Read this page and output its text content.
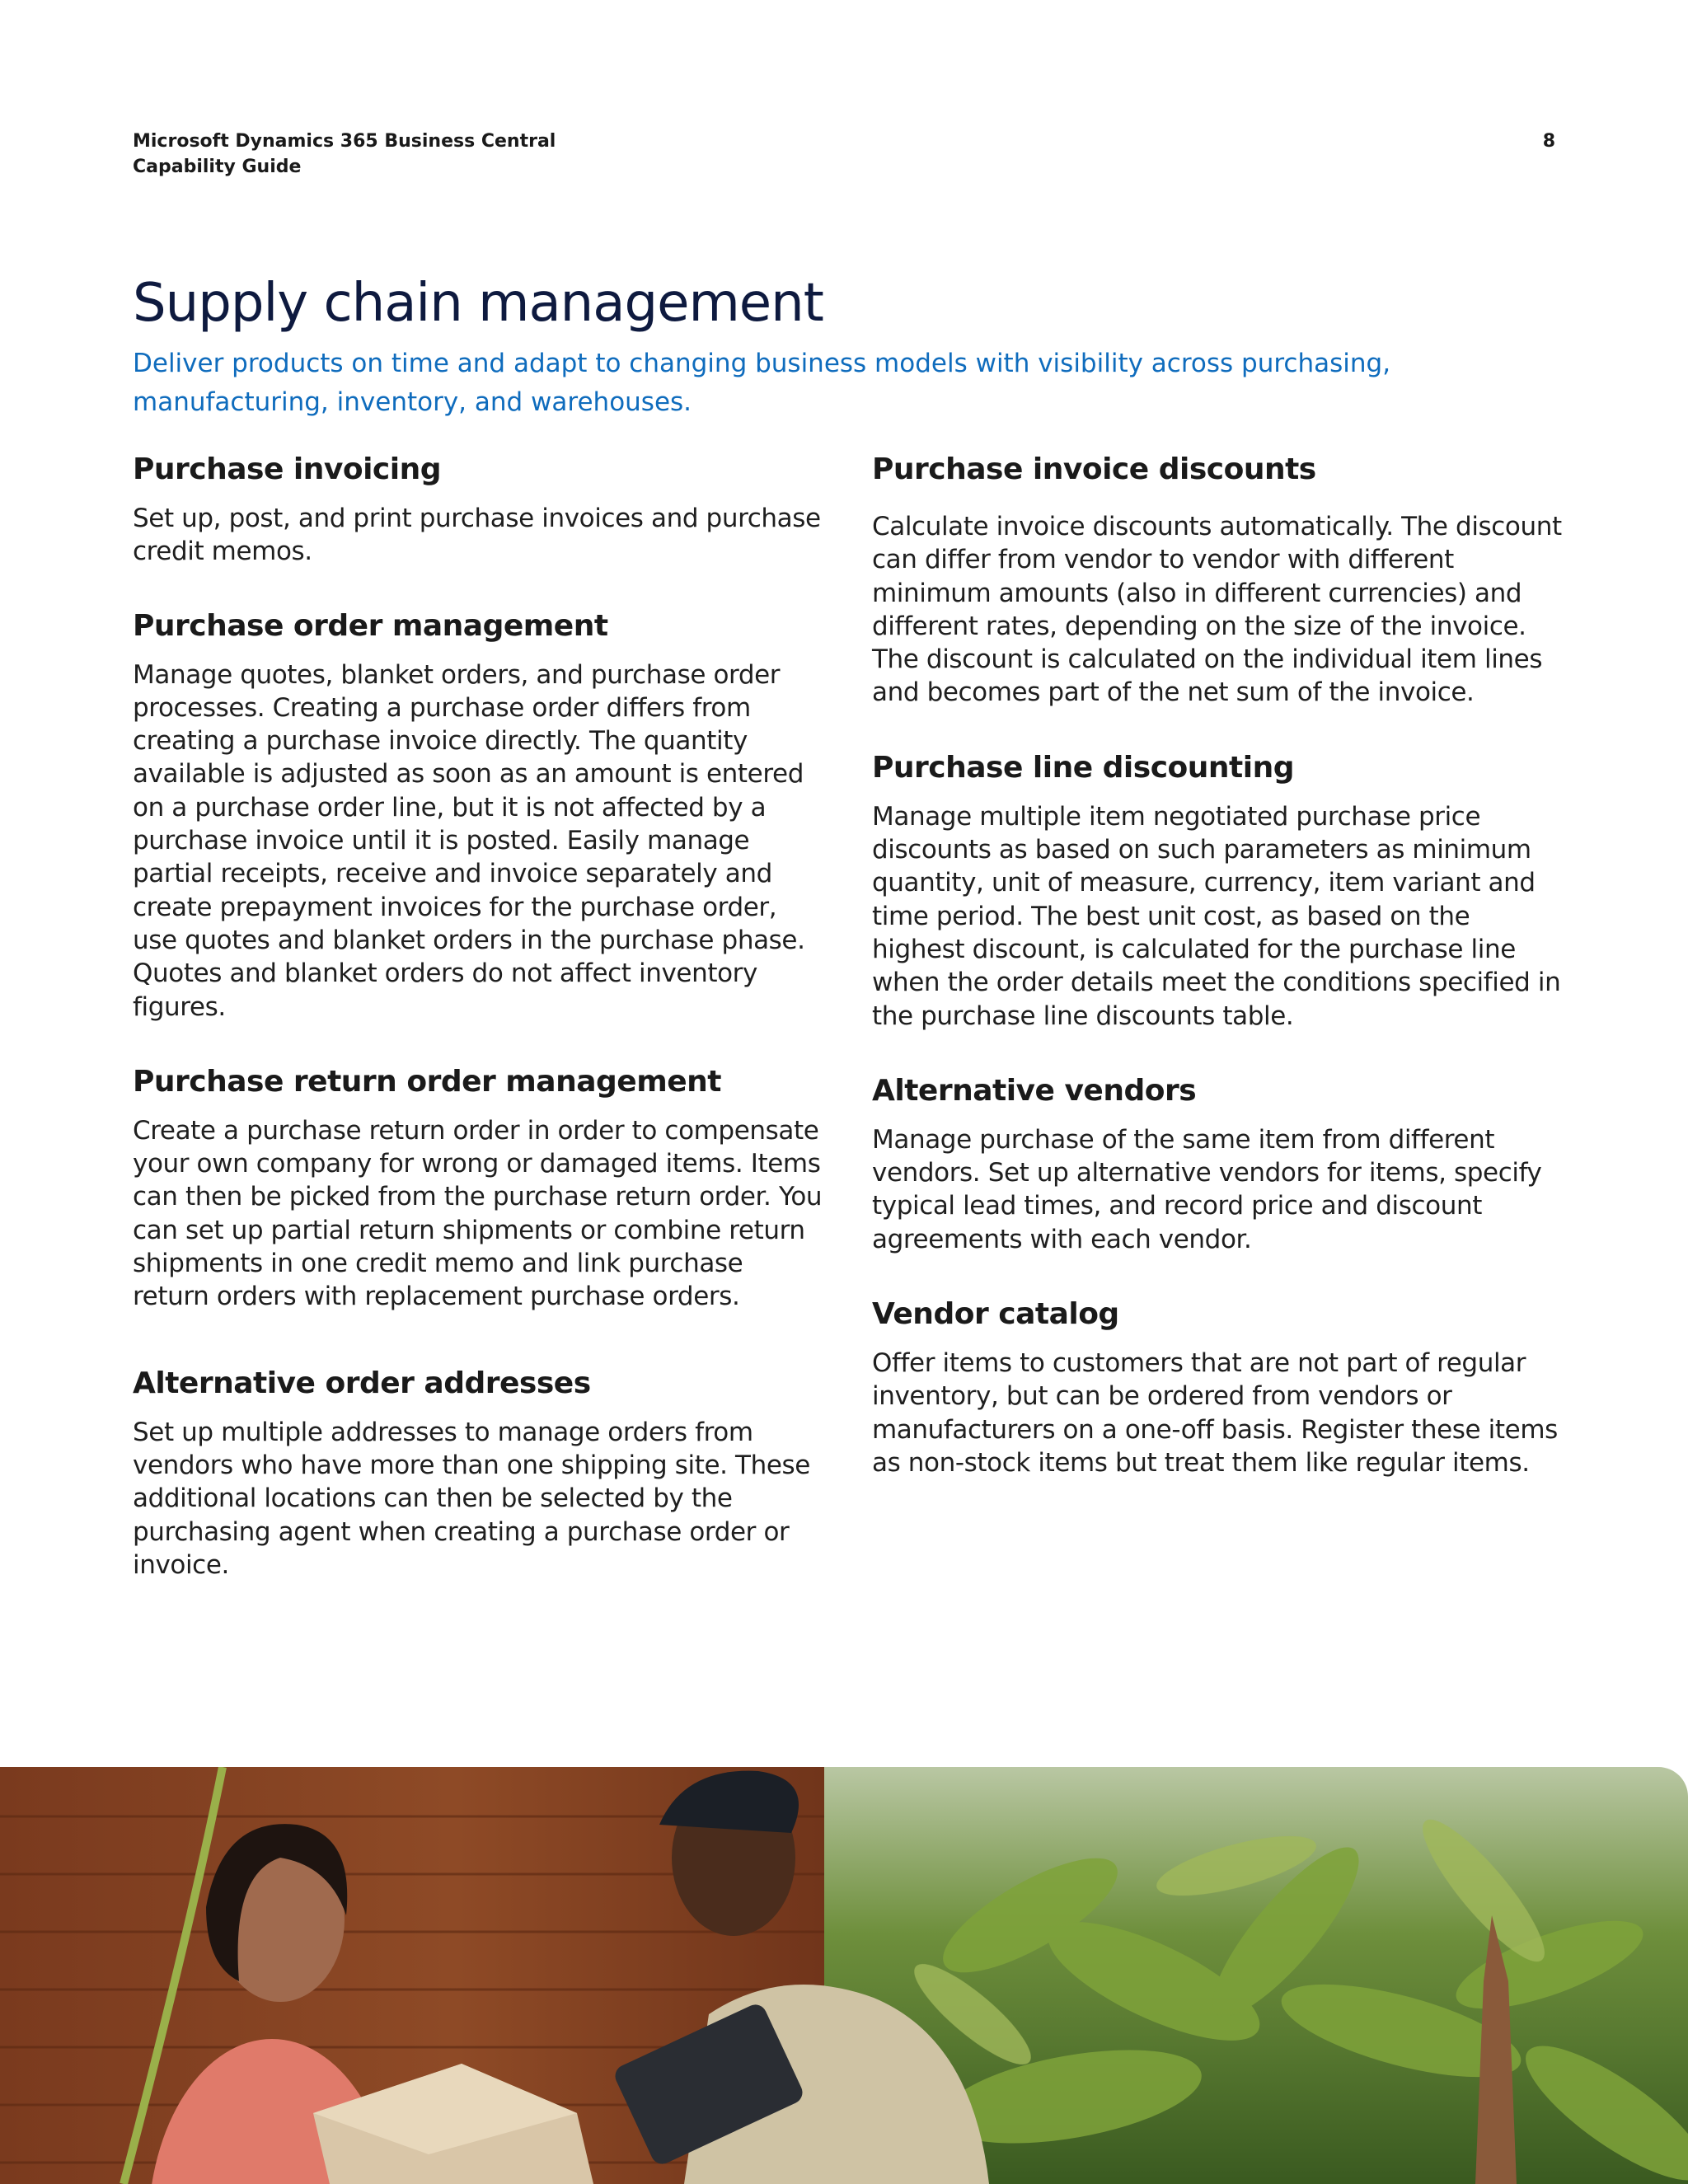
Microsoft Dynamics 365 Business Central
Capability Guide
8
Supply chain management

Deliver products on time and adapt to changing business models with visibility across purchasing, manufacturing, inventory, and warehouses.

Purchase invoicing

Set up, post, and print purchase invoices and purchase credit memos.

Purchase order management

Manage quotes, blanket orders, and purchase order processes. Creating a purchase order differs from creating a purchase invoice directly. The quantity available is adjusted as soon as an amount is entered on a purchase order line, but it is not affected by a purchase invoice until it is posted. Easily manage partial receipts, receive and invoice separately and create prepayment invoices for the purchase order, use quotes and blanket orders in the purchase phase. Quotes and blanket orders do not affect inventory figures.

Purchase return order management

Create a purchase return order in order to compensate your own company for wrong or damaged items. Items can then be picked from the purchase return order. You can set up partial return shipments or combine return shipments in one credit memo and link purchase return orders with replacement purchase orders.

Alternative order addresses

Set up multiple addresses to manage orders from vendors who have more than one shipping site. These additional locations can then be selected by the purchasing agent when creating a purchase order or invoice.

Purchase invoice discounts

Calculate invoice discounts automatically. The discount can differ from vendor to vendor with different minimum amounts (also in different currencies) and different rates, depending on the size of the invoice. The discount is calculated on the individual item lines and becomes part of the net sum of the invoice.

Purchase line discounting

Manage multiple item negotiated purchase price discounts as based on such parameters as minimum quantity, unit of measure, currency, item variant and time period. The best unit cost, as based on the highest discount, is calculated for the purchase line when the order details meet the conditions specified in the purchase line discounts table.

Alternative vendors

Manage purchase of the same item from different vendors. Set up alternative vendors for items, specify typical lead times, and record price and discount agreements with each vendor.

Vendor catalog

Offer items to customers that are not part of regular inventory, but can be ordered from vendors or manufacturers on a one-off basis. Register these items as non-stock items but treat them like regular items.
